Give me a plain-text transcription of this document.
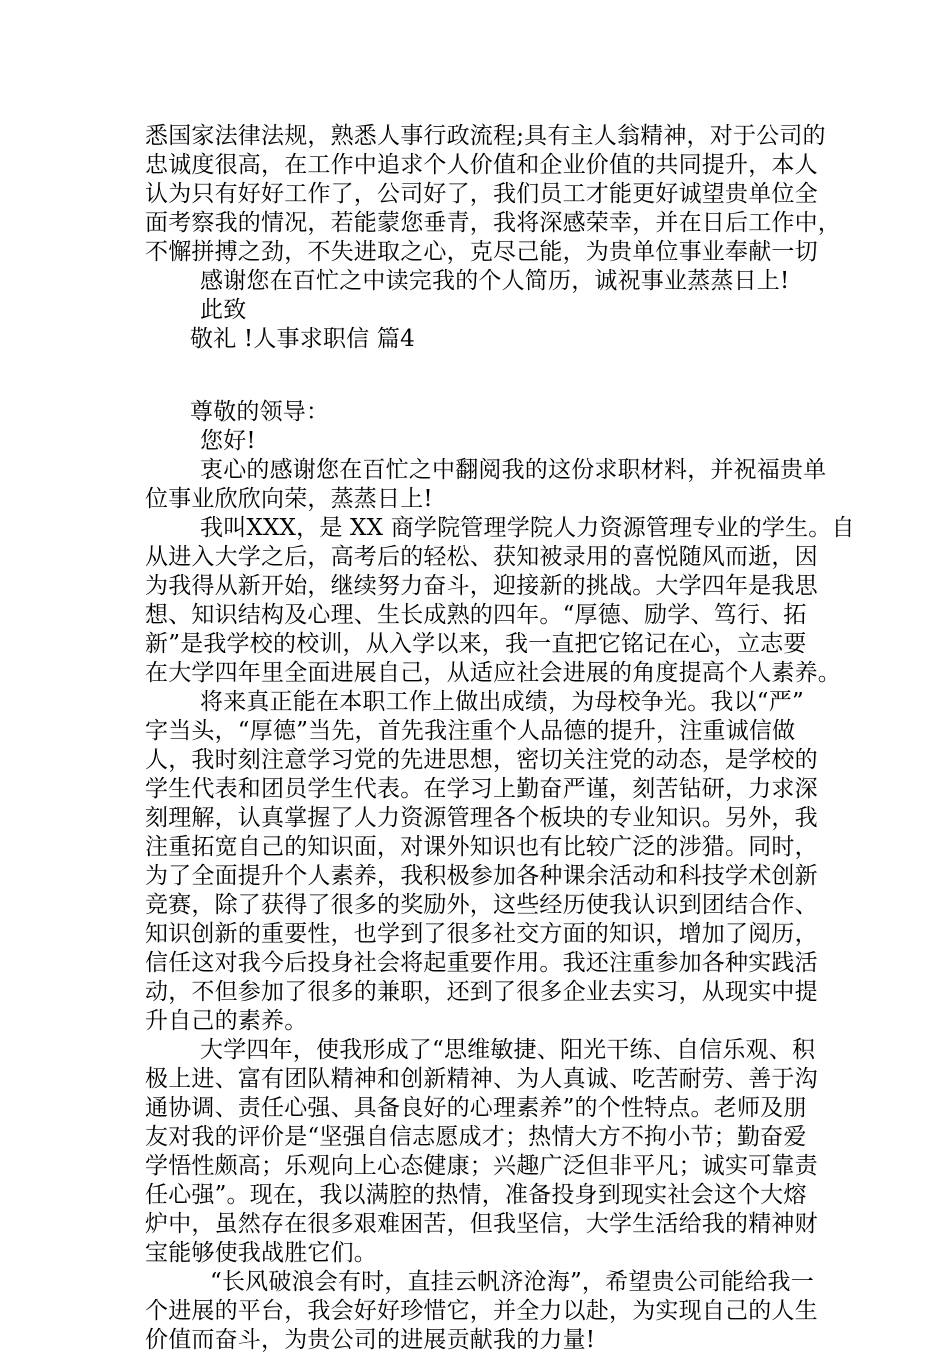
悉国家法律法规，熟悉人事行政流程;具有主人翁精神，对于公司的
忠诚度很高，在工作中追求个人价值和企业价值的共同提升，本人
认为只有好好工作了，公司好了，我们员工才能更好诚望贵单位全
面考察我的情况，若能蒙您垂青，我将深感荣幸，并在日后工作中，
不懈拼搏之劲，不失进取之心，克尽己能，为贵单位事业奉献一切
感谢您在百忙之中读完我的个人简历，诚祝事业蒸蒸日上!
此致
敬礼 !人事求职信 篇4
尊敬的领导：
您好!
衷心的感谢您在百忙之中翻阅我的这份求职材料，并祝福贵单
位事业欣欣向荣，蒸蒸日上!
我叫XXX，是 XX 商学院管理学院人力资源管理专业的学生。自
从进入大学之后，高考后的轻松、获知被录用的喜悦随风而逝，因
为我得从新开始，继续努力奋斗，迎接新的挑战。大学四年是我思
想、知识结构及心理、生长成熟的四年。“厚德、励学、笃行、拓
新”是我学校的校训，从入学以来，我一直把它铭记在心，立志要
在大学四年里全面进展自己，从适应社会进展的角度提高个人素养。
将来真正能在本职工作上做出成绩，为母校争光。我以“严”
字当头，“厚德”当先，首先我注重个人品德的提升，注重诚信做
人，我时刻注意学习党的先进思想，密切关注党的动态，是学校的
学生代表和团员学生代表。在学习上勤奋严谨，刻苦钻研，力求深
刻理解，认真掌握了人力资源管理各个板块的专业知识。另外，我
注重拓宽自己的知识面，对课外知识也有比较广泛的涉猎。同时，
为了全面提升个人素养，我积极参加各种课余活动和科技学术创新
竞赛，除了获得了很多的奖励外，这些经历使我认识到团结合作、
知识创新的重要性，也学到了很多社交方面的知识，增加了阅历，
信任这对我今后投身社会将起重要作用。我还注重参加各种实践活
动，不但参加了很多的兼职，还到了很多企业去实习，从现实中提
升自己的素养。
大学四年，使我形成了“思维敏捷、阳光干练、自信乐观、积
极上进、富有团队精神和创新精神、为人真诚、吃苦耐劳、善于沟
通协调、责任心强、具备良好的心理素养”的个性特点。老师及朋
友对我的评价是“坚强自信志愿成才；热情大方不拘小节；勤奋爱
学悟性颇高；乐观向上心态健康；兴趣广泛但非平凡；诚实可靠责
任心强”。现在，我以满腔的热情，准备投身到现实社会这个大熔
炉中，虽然存在很多艰难困苦，但我坚信，大学生活给我的精神财
宝能够使我战胜它们。
“长风破浪会有时，直挂云帆济沧海”，希望贵公司能给我一
个进展的平台，我会好好珍惜它，并全力以赴，为实现自己的人生
价值而奋斗，为贵公司的进展贡献我的力量!
